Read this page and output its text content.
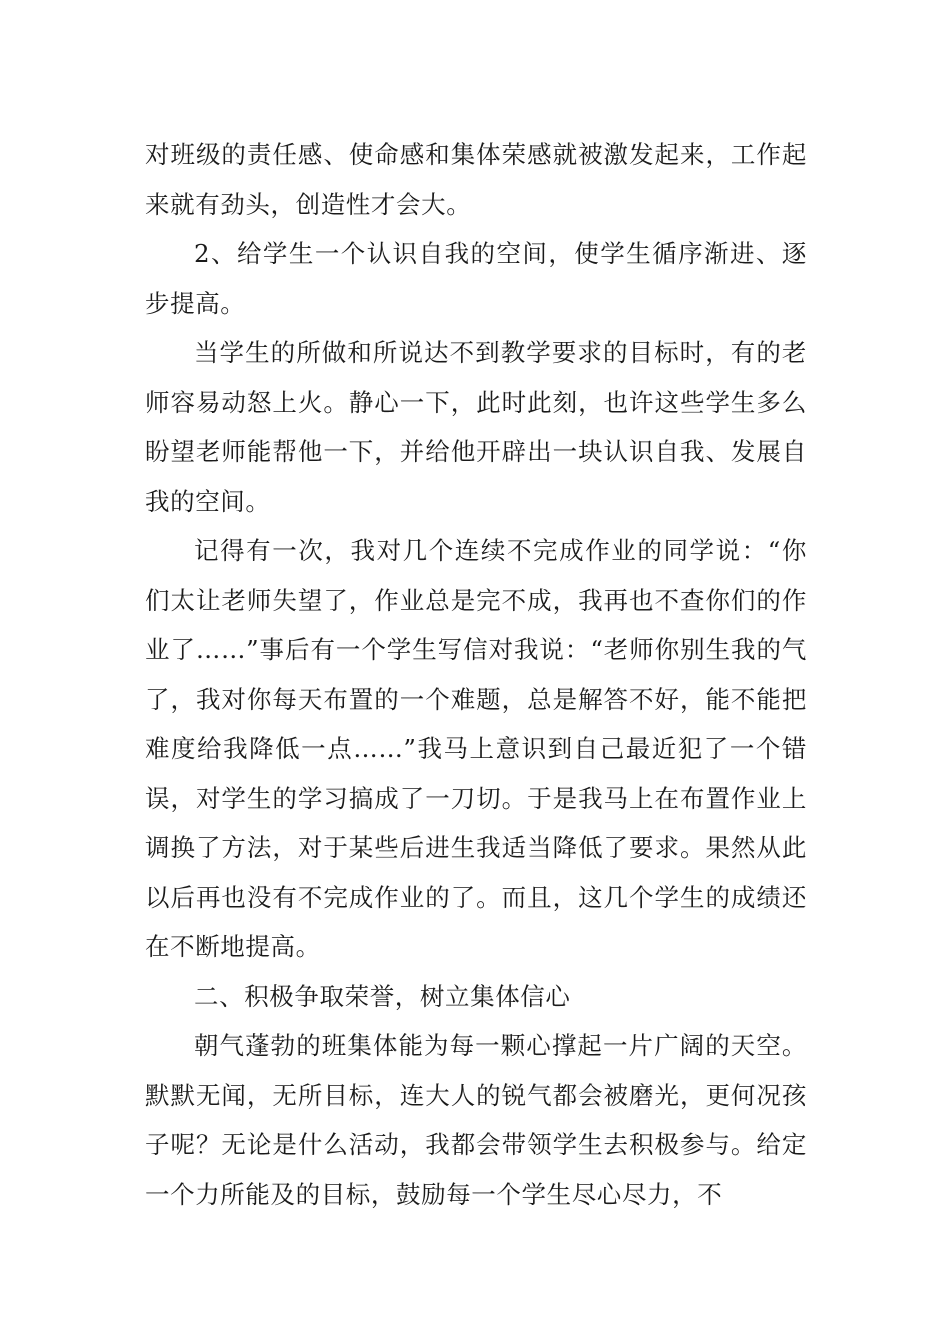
对班级的责任感、使命感和集体荣感就被激发起来，工作起来就有劲头，创造性才会大。

2、给学生一个认识自我的空间，使学生循序渐进、逐步提高。

当学生的所做和所说达不到教学要求的目标时，有的老师容易动怒上火。静心一下，此时此刻，也许这些学生多么盼望老师能帮他一下，并给他开辟出一块认识自我、发展自我的空间。

记得有一次，我对几个连续不完成作业的同学说：“你们太让老师失望了，作业总是完不成，我再也不查你们的作业了……”事后有一个学生写信对我说：“老师你别生我的气了，我对你每天布置的一个难题，总是解答不好，能不能把难度给我降低一点……”我马上意识到自己最近犯了一个错误，对学生的学习搞成了一刀切。于是我马上在布置作业上调换了方法，对于某些后进生我适当降低了要求。果然从此以后再也没有不完成作业的了。而且，这几个学生的成绩还在不断地提高。

二、积极争取荣誉，树立集体信心

朝气蓬勃的班集体能为每一颗心撑起一片广阔的天空。默默无闻，无所目标，连大人的锐气都会被磨光，更何况孩子呢？无论是什么活动，我都会带领学生去积极参与。给定一个力所能及的目标，鼓励每一个学生尽心尽力，不
